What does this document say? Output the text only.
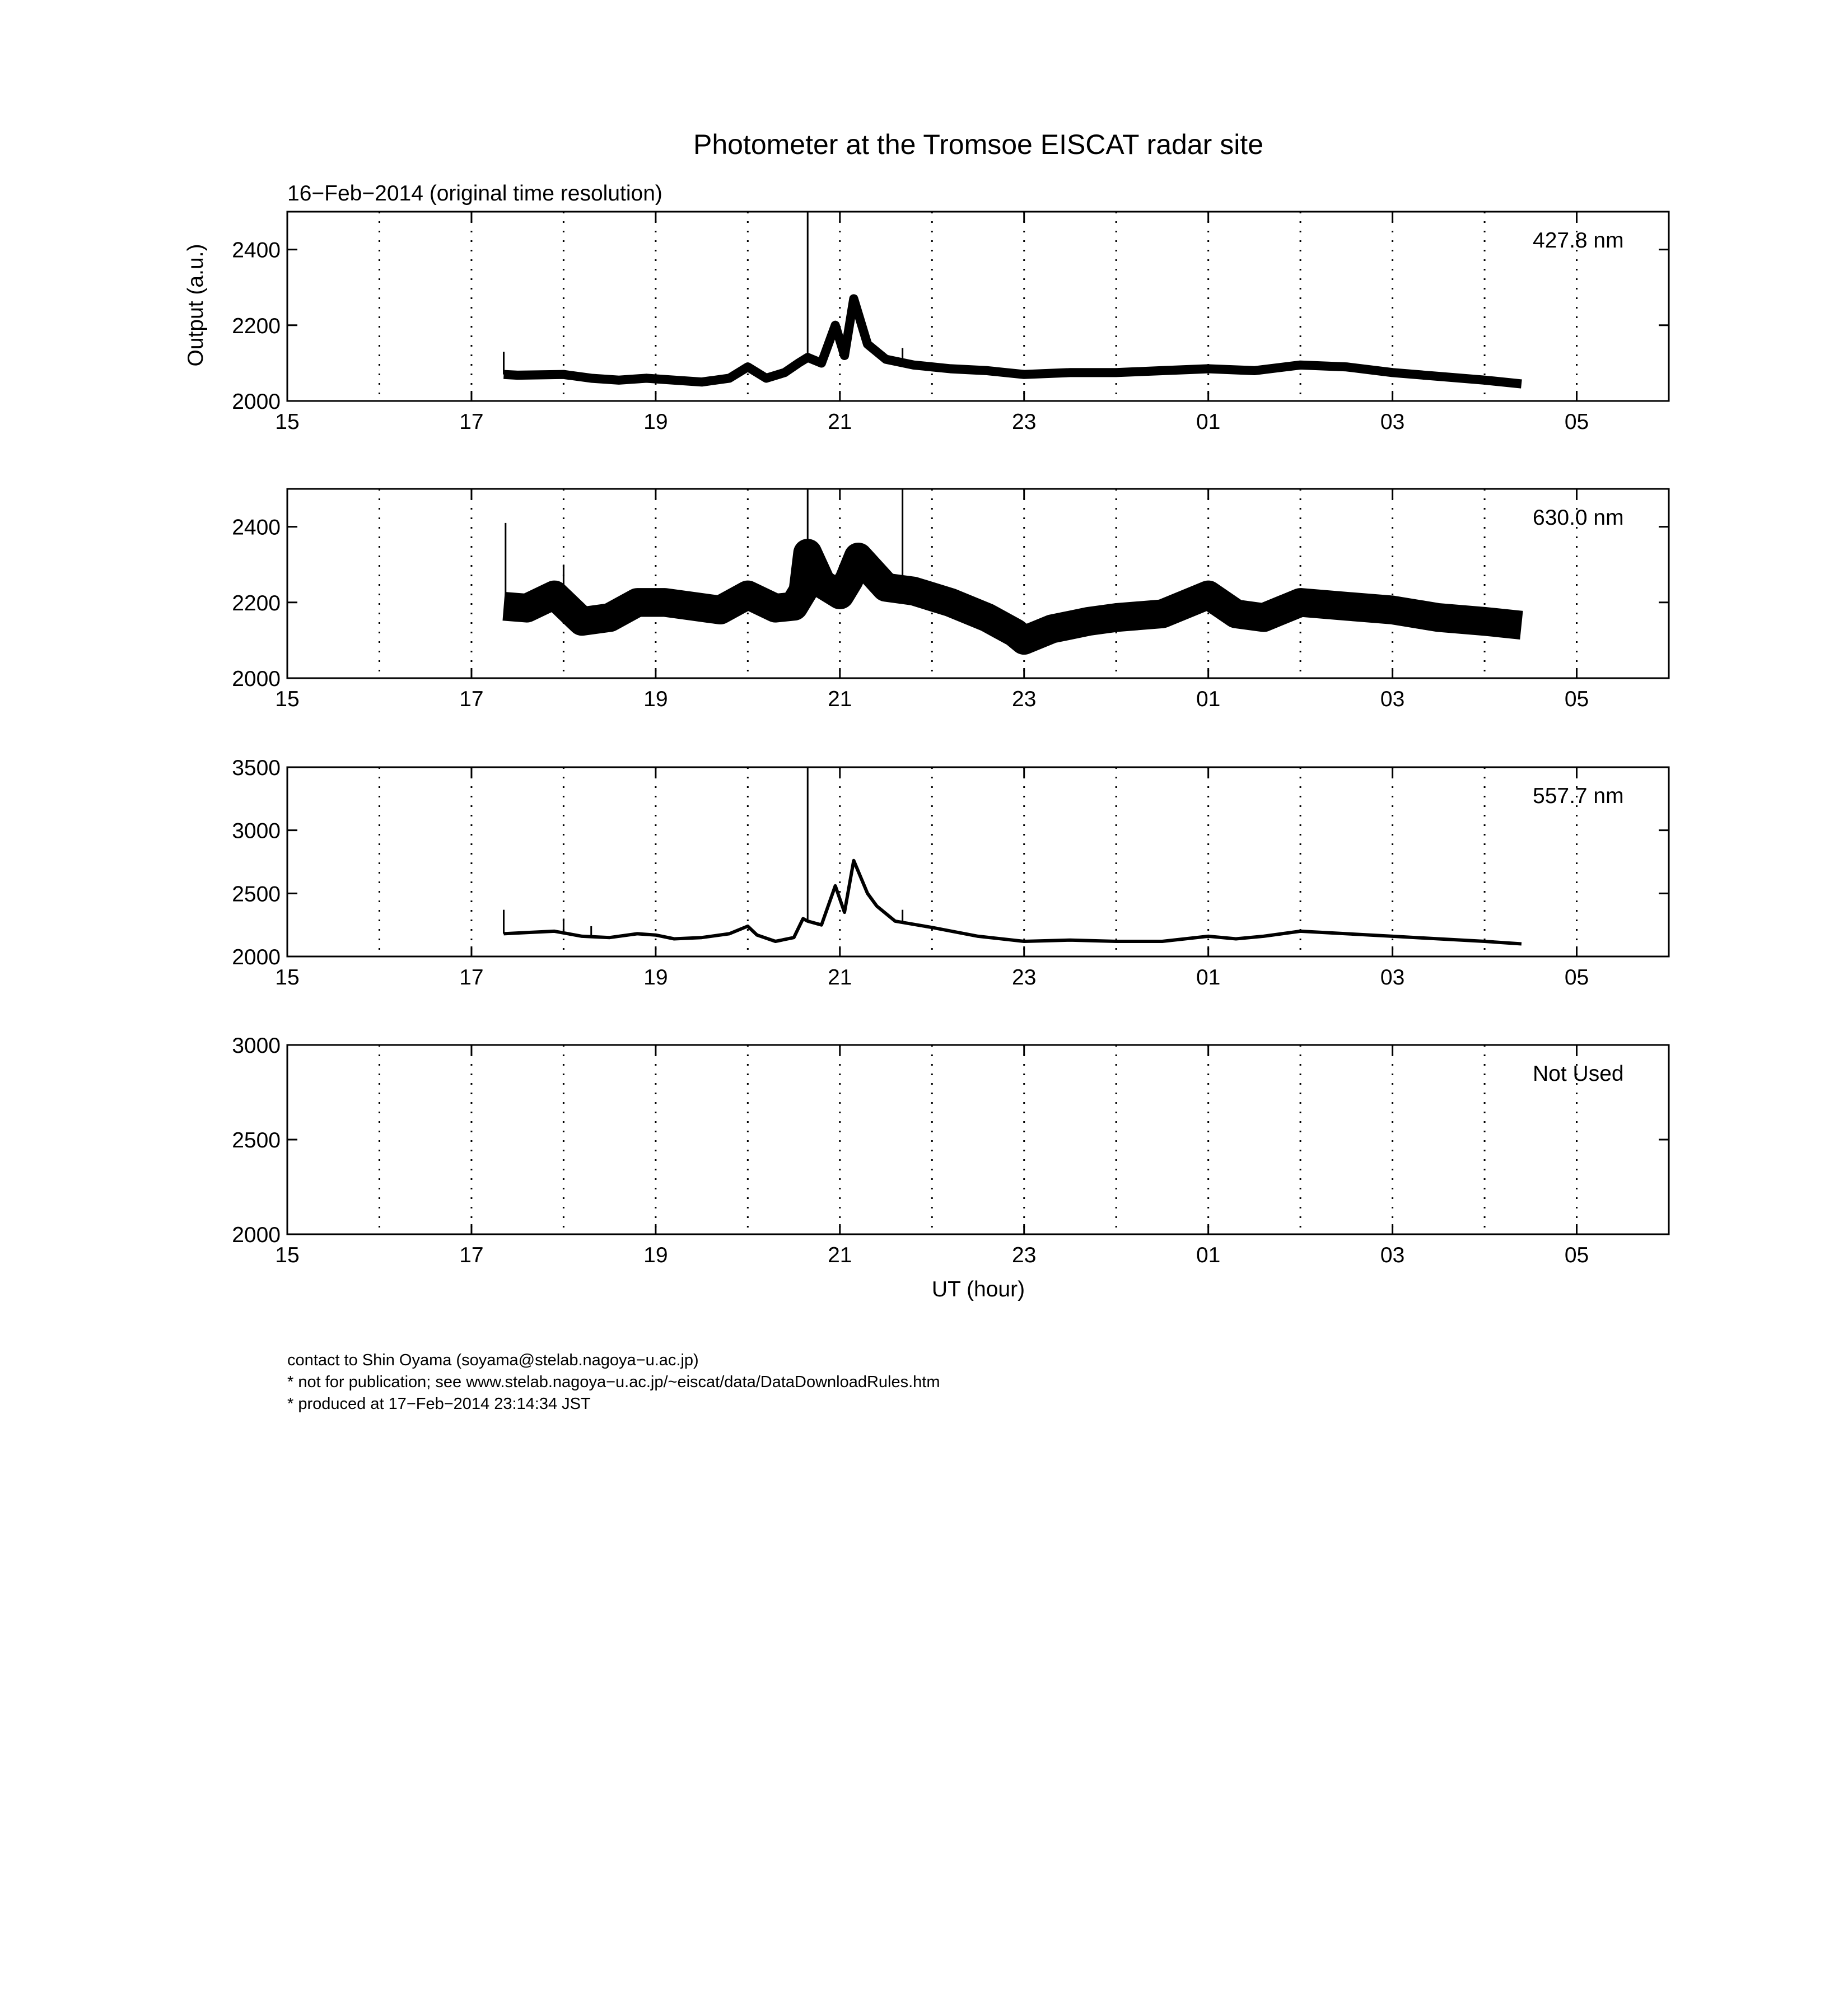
Photometer at the Tromsoe EISCAT radar site
16−Feb−2014 (original time resolution)
Output (a.u.)
15	17	19	21	23	01	03	05
2000
2200
2400	427.8 nm
15	17	19	21	23	01	03	05
2000
2200
2400	630.0 nm
15	17	19	21	23	01	03	05
2000
2500
3000
3500
557.7 nm
15	17	19	21	23	01	03	05
2000
2500
3000
Not Used
UT (hour)
contact to Shin Oyama (soyama@stelab.nagoya−u.ac.jp)
* not for publication; see www.stelab.nagoya−u.ac.jp/~eiscat/data/DataDownloadRules.htm
* produced at 17−Feb−2014 23:14:34 JST
